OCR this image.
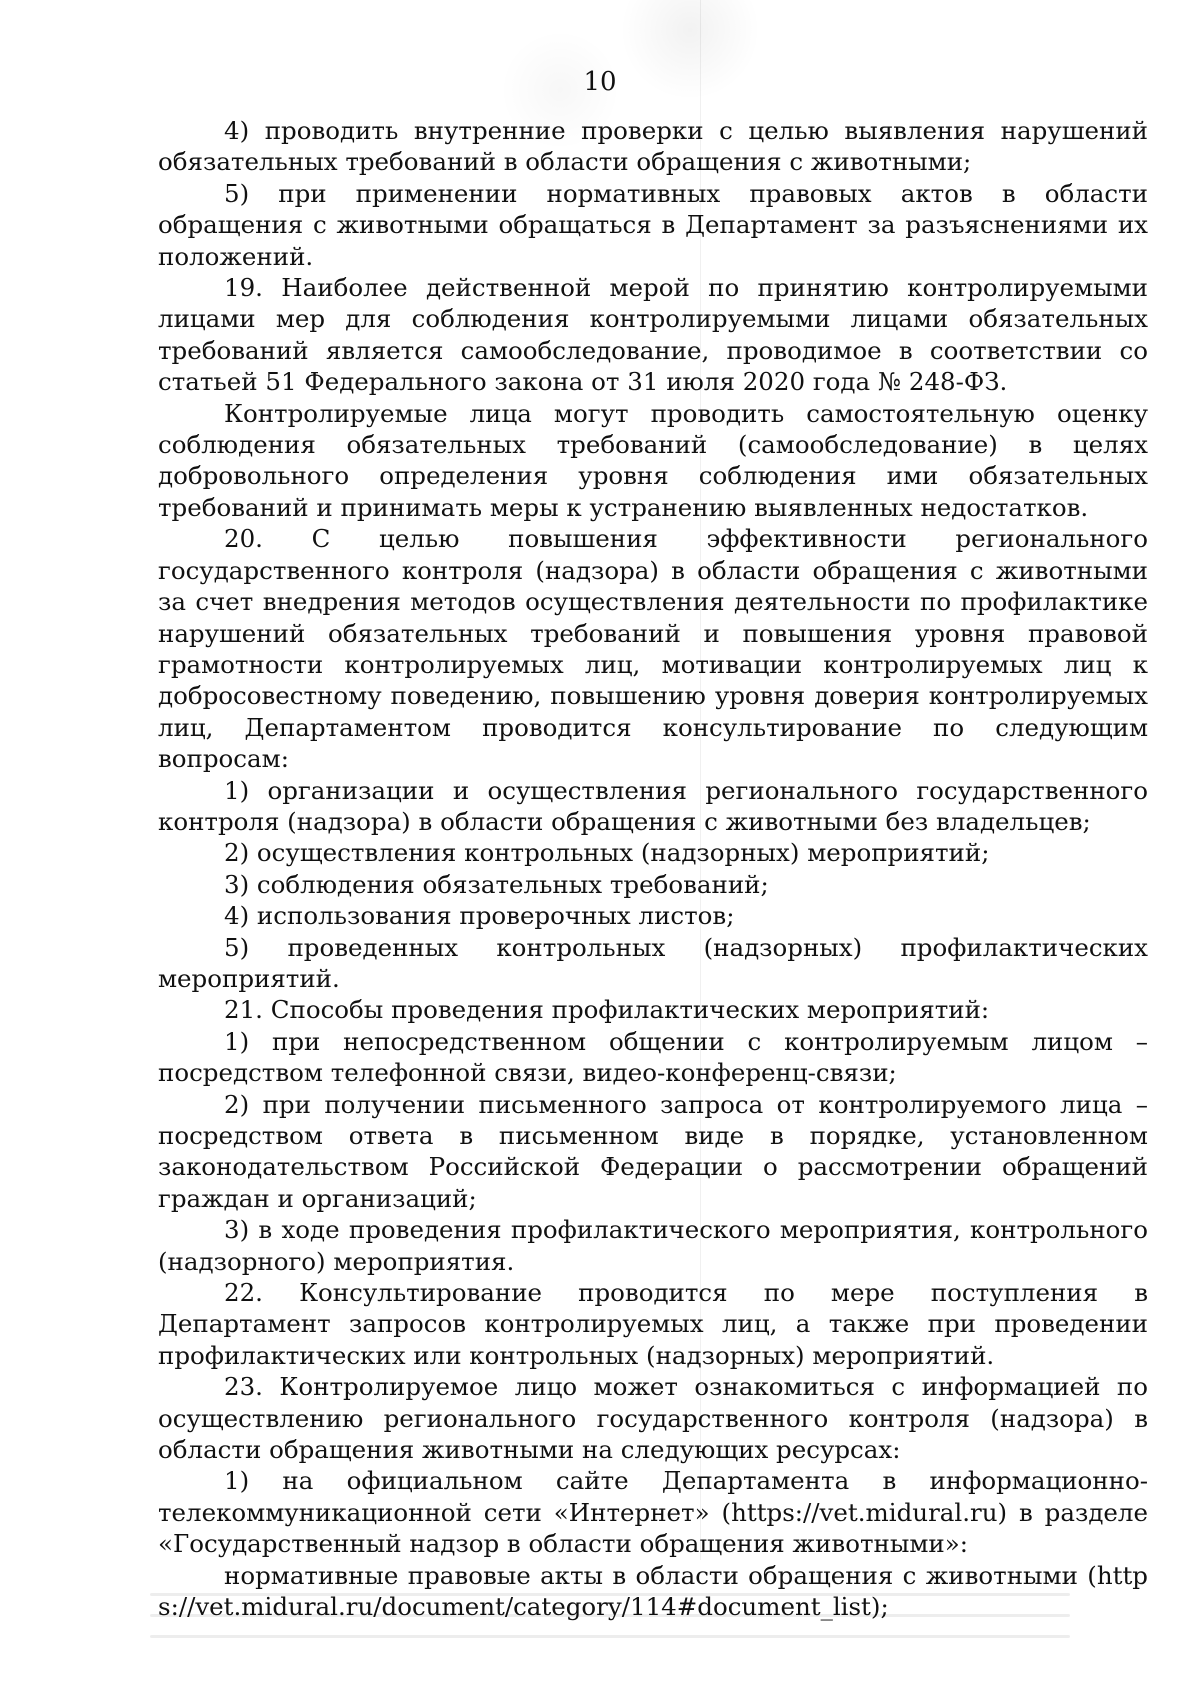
10

4) проводить внутренние проверки с целью выявления нарушений обязательных требований в области обращения с животными;

5) при применении нормативных правовых актов в области обращения с животными обращаться в Департамент за разъяснениями их положений.

19. Наиболее действенной мерой по принятию контролируемыми лицами мер для соблюдения контролируемыми лицами обязательных требований является самообследование, проводимое в соответствии со статьей 51 Федерального закона от 31 июля 2020 года № 248-ФЗ.

Контролируемые лица могут проводить самостоятельную оценку соблюдения обязательных требований (самообследование) в целях добровольного определения уровня соблюдения ими обязательных требований и принимать меры к устранению выявленных недостатков.

20. С целью повышения эффективности регионального государственного контроля (надзора) в области обращения с животными за счет внедрения методов осуществления деятельности по профилактике нарушений обязательных требований и повышения уровня правовой грамотности контролируемых лиц, мотивации контролируемых лиц к добросовестному поведению, повышению уровня доверия контролируемых лиц, Департаментом проводится консультирование по следующим вопросам:

1) организации и осуществления регионального государственного контроля (надзора) в области обращения с животными без владельцев;

2) осуществления контрольных (надзорных) мероприятий;

3) соблюдения обязательных требований;

4) использования проверочных листов;

5) проведенных контрольных (надзорных) профилактических мероприятий.

21. Способы проведения профилактических мероприятий:

1) при непосредственном общении с контролируемым лицом – посредством телефонной связи, видео-конференц-связи;

2) при получении письменного запроса от контролируемого лица – посредством ответа в письменном виде в порядке, установленном законодательством Российской Федерации о рассмотрении обращений граждан и организаций;

3) в ходе проведения профилактического мероприятия, контрольного (надзорного) мероприятия.

22. Консультирование проводится по мере поступления в Департамент запросов контролируемых лиц, а также при проведении профилактических или контрольных (надзорных) мероприятий.

23. Контролируемое лицо может ознакомиться с информацией по осуществлению регионального государственного контроля (надзора) в области обращения животными на следующих ресурсах:

1) на официальном сайте Департамента в информационно-телекоммуникационной сети «Интернет» (https://vet.midural.ru) в разделе «Государственный надзор в области обращения животными»:

нормативные правовые акты в области обращения с животными (https://vet.midural.ru/document/category/114#document_list);
